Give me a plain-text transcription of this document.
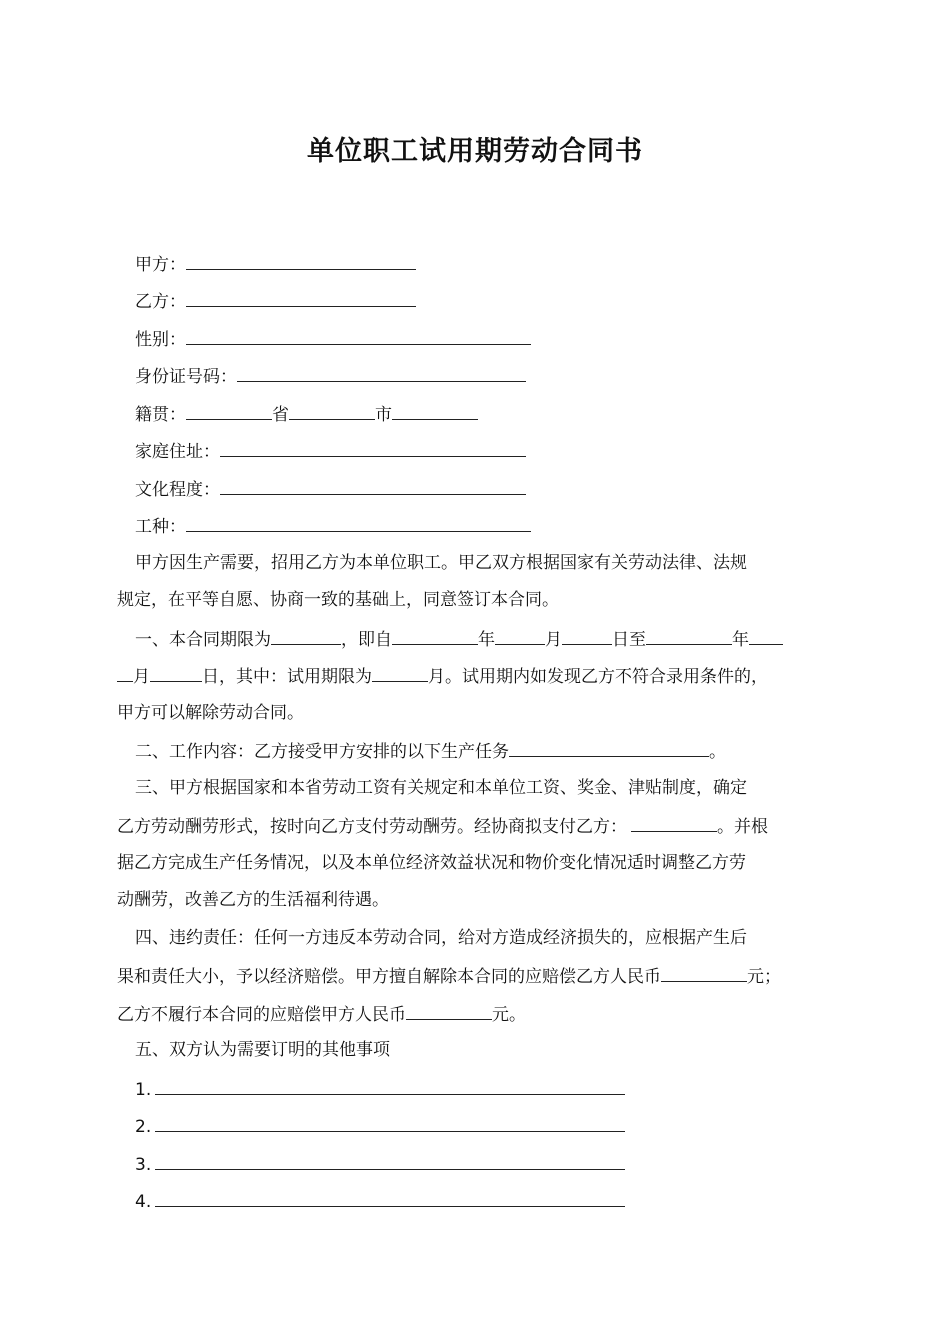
单位职工试用期劳动合同书
甲方：
乙方：
性别：
身份证号码：
籍贯：	省	市
家庭住址：
文化程度：
工种：
甲方因生产需要，招用乙方为本单位职工。甲乙双方根据国家有关劳动法律、法规
规定，在平等自愿、协商一致的基础上，同意签订本合同。
一、本合同期限为	，即自	年	月	日至	年
月	日，其中：试用期限为	月。试用期内如发现乙方不符合录用条件的，
甲方可以解除劳动合同。
二、工作内容：乙方接受甲方安排的以下生产任务	。
三、甲方根据国家和本省劳动工资有关规定和本单位工资、奖金、津贴制度，确定
乙方劳动酬劳形式，按时向乙方支付劳动酬劳。经协商拟支付乙方：	。并根
据乙方完成生产任务情况，以及本单位经济效益状况和物价变化情况适时调整乙方劳
动酬劳，改善乙方的生活福利待遇。
四、违约责任：任何一方违反本劳动合同，给对方造成经济损失的，应根据产生后
果和责任大小，予以经济赔偿。甲方擅自解除本合同的应赔偿乙方人民币	元；
乙方不履行本合同的应赔偿甲方人民币	元。
五、双方认为需要订明的其他事项
1.
2.
3.
4.
